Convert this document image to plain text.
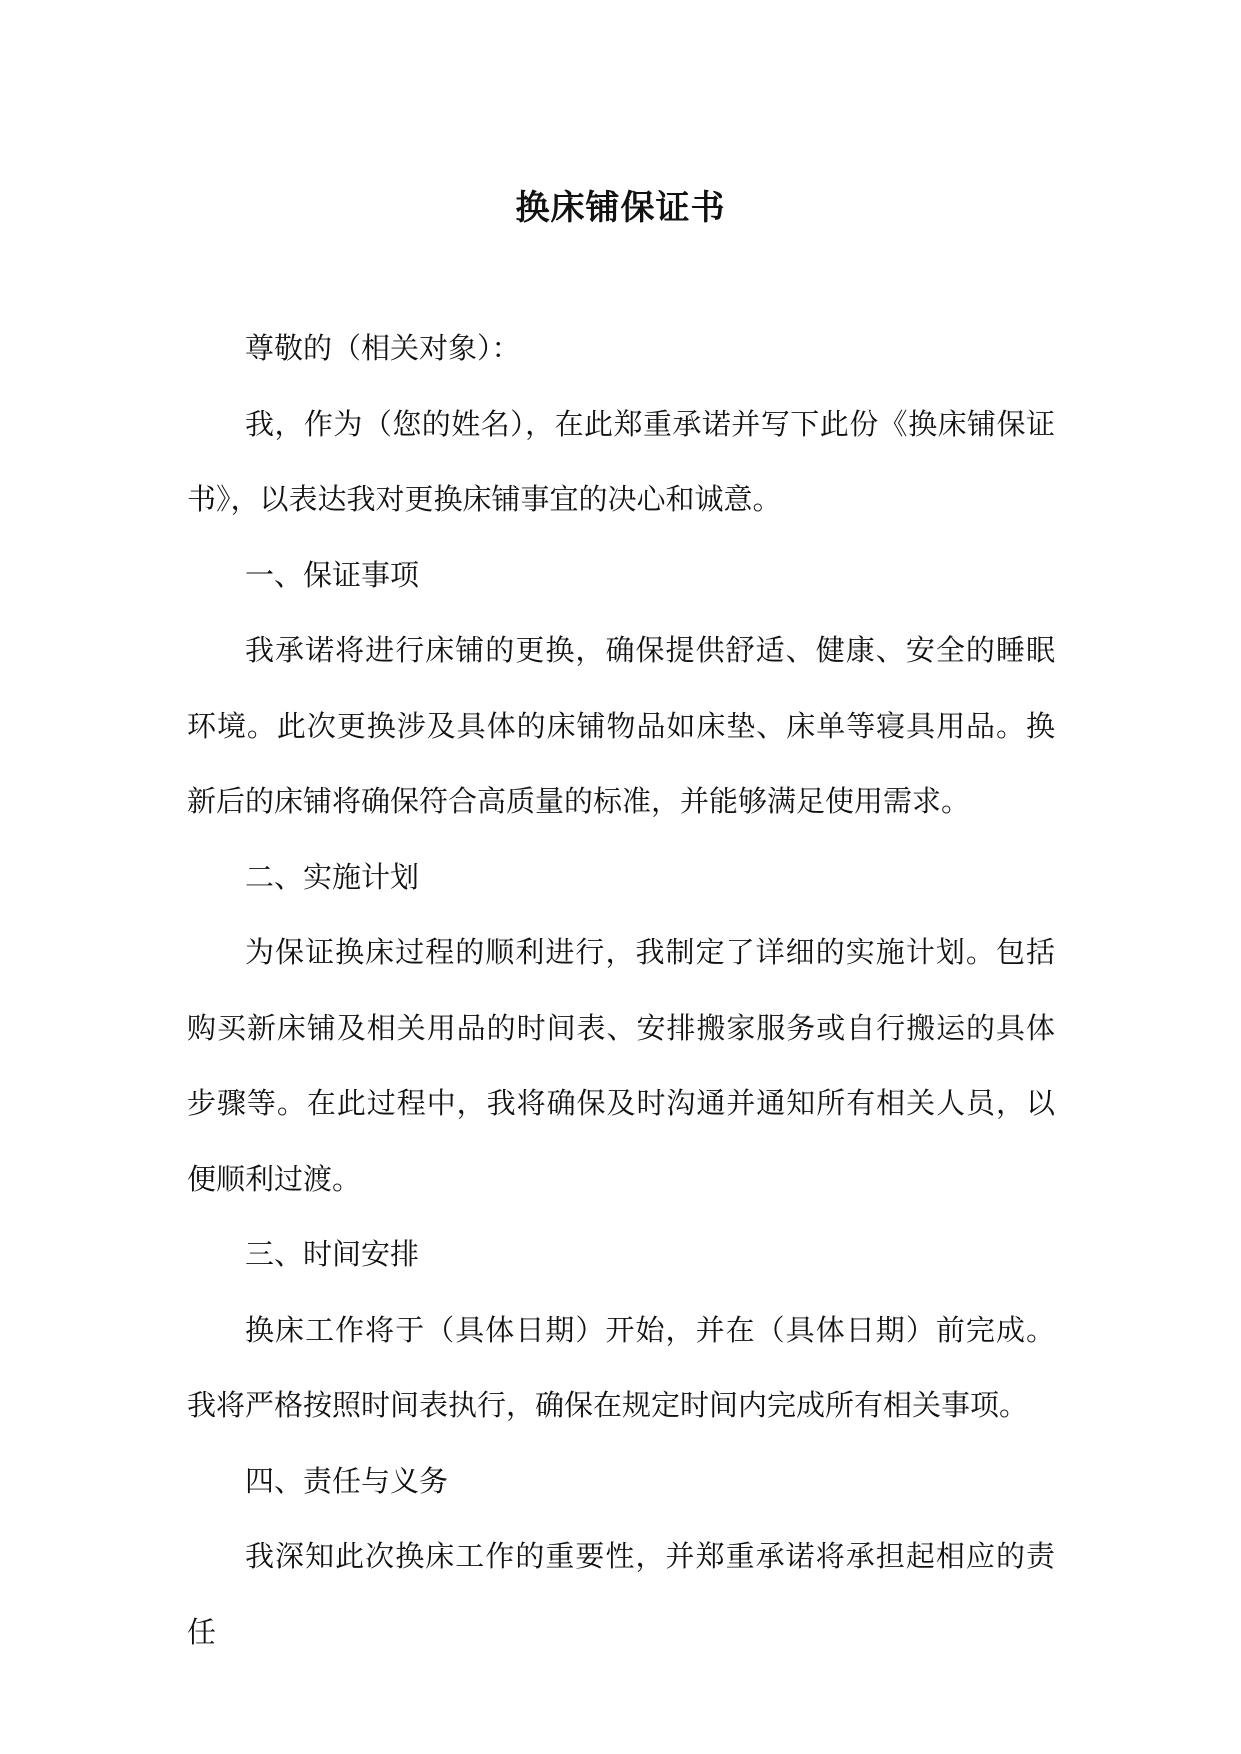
换床铺保证书

尊敬的（相关对象）：

我，作为（您的姓名），在此郑重承诺并写下此份《换床铺保证书》，以表达我对更换床铺事宜的决心和诚意。

一、保证事项

我承诺将进行床铺的更换，确保提供舒适、健康、安全的睡眠环境。此次更换涉及具体的床铺物品如床垫、床单等寝具用品。换新后的床铺将确保符合高质量的标准，并能够满足使用需求。

二、实施计划

为保证换床过程的顺利进行，我制定了详细的实施计划。包括购买新床铺及相关用品的时间表、安排搬家服务或自行搬运的具体步骤等。在此过程中，我将确保及时沟通并通知所有相关人员，以便顺利过渡。

三、时间安排

换床工作将于（具体日期）开始，并在（具体日期）前完成。我将严格按照时间表执行，确保在规定时间内完成所有相关事项。

四、责任与义务

我深知此次换床工作的重要性，并郑重承诺将承担起相应的责任
